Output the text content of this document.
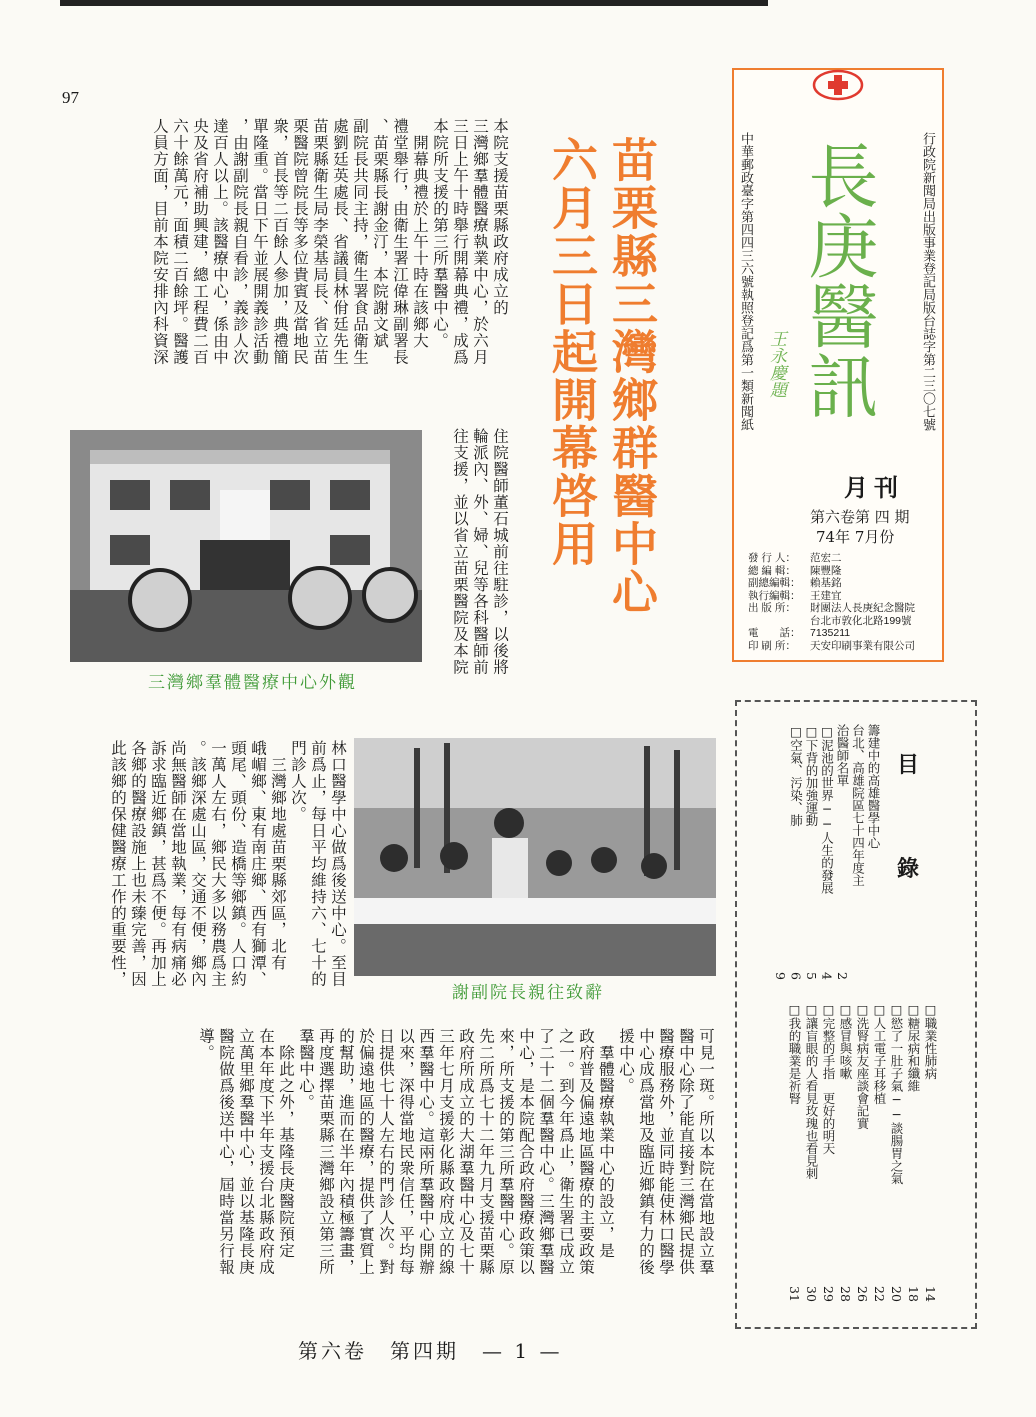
97
本院支援苗栗縣政府成立的
三灣鄉羣體醫療執業中心，於六月
三日上午十時舉行開幕典禮，成爲
本院所支援的第三所羣醫中心。
　開幕典禮於上午十時在該鄉大
禮堂舉行，由衛生署江偉琳副署長
、苗栗縣長謝金汀，本院謝文斌
副院長共同主持，衛生署食品衛生
處劉廷英處長、省議員林佾廷先生
苗栗縣衛生局李榮基局長、省立苗
栗醫院曾院長等多位貴賓及當地民
衆，首長等二百餘人參加，典禮簡
單隆重。當日下午並展開義診活動
，由謝副院長親自看診，義診人次
達百人以上。該醫療中心，係由中
央及省府補助興建，總工程費二百
六十餘萬元，面積二百餘坪。醫護
人員方面，目前本院安排內科資深	苗栗縣三灣鄉群醫中心
六月三日起開幕啓用
住院醫師董石城前往駐診，以後將
輪派內、外、婦、兒等各科醫師前
往支援，並以省立苗栗醫院及本院
三灣鄉羣體醫療中心外觀
林口醫學中心做爲後送中心。至目
前爲止，每日平均維持六、七十的
門診人次。
　三灣鄉地處苗栗縣郊區，北有
峨嵋鄉、東有南庄鄉、西有獅潭、
頭尾、頭份、造橋等鄉鎮。人口約
一萬人左右，鄉民大多以務農爲主
。該鄉深處山區，交通不便，鄉內
尚無醫師在當地執業，每有病痛必
訴求臨近鄉鎮，甚爲不便。再加上
各鄉的醫療設施上也未臻完善，因
此該鄉的保健醫療工作的重要性，
謝副院長親往致辭
可見一斑。所以本院在當地設立羣
醫中心除了能直接對三灣鄉民提供
醫療服務外，並同時能使林口醫學
中心成爲當地及臨近鄉鎮有力的後
援中心。
　羣體醫療執業中心的設立，是
政府普及偏遠地區醫療的主要政策
之一。到今年爲止，衛生署已成立
了二十二個羣醫中心。三灣鄉羣醫
中心，是本院配合政府醫療政策以
來，所支援的第三所羣醫中心。原
先二所爲七十二年九月支援苗栗縣
政府所成立的大湖羣醫中心及七十
三年七月支援彰化縣政府成立的線
西羣醫中心。這兩所羣醫中心開辦
以來，深得當地民衆信任，平均每
日提供七十人左右的門診人次。對
於偏遠地區的醫療，提供了實質上
的幫助，進而在半年內積極籌畫，
再度選擇苗栗縣三灣鄉設立第三所
羣醫中心。
　除此之外，基隆長庚醫院預定
在本年度下半年支援台北縣政府成
立萬里鄉羣醫中心，並以基隆長庚
醫院做爲後送中心，屆時當另行報
導。
行政院新聞局出版事業登記局版台誌字第二三〇七號
中華郵政臺字第四四三六號執照登記爲第一類新聞紙 長庚醫訊
王永慶題
月刊
第六卷第 四 期
74年 7月份
發 行 人： 范宏二
總 編 輯： 陳豐隆
副總編輯： 賴基銘
執行編輯： 王建宜
出 版 所： 財團法人長庚紀念醫院
台北市敦化北路199號
電　　話： 7135211
印 刷 所： 天安印刷事業有限公司
目
錄
籌建中的高雄醫學中心
台北、高雄院區七十四年度主
治醫師名單
2
□泥池的世界──人生的發展
4
□下背的加強運動
5
□空氣、污染、肺
6
9
□職業性肺病
14
□糖尿病和纖維
18
□慾了一肚子氣──談腸胃之氣
20
□人工電子耳移植
22
□洗腎病友座談會記實
26
□感冒與咳嗽
28
□完整的手指　更好的明天
29
□讓盲眼的人看見玫瑰也看見刺
30
□我的職業是祈腎
31
第六卷　第四期　— 1 —
